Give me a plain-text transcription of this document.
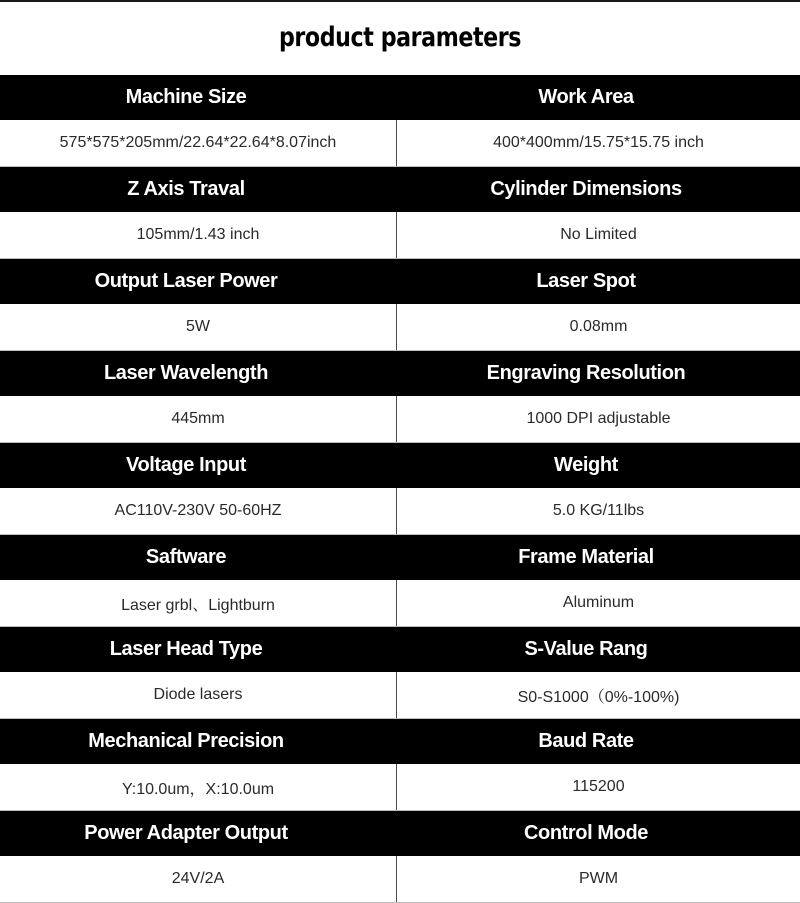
product parameters
Machine Size	Work Area
575*575*205mm/22.64*22.64*8.07inch	400*400mm/15.75*15.75 inch
Z Axis Traval	Cylinder Dimensions
105mm/1.43 inch	No Limited
Output Laser Power	Laser Spot
5W	0.08mm
Laser Wavelength	Engraving Resolution
445mm	1000 DPI adjustable
Voltage Input	Weight
AC110V-230V 50-60HZ	5.0 KG/11lbs
Saftware	Frame Material
Laser grbl、Lightburn	Aluminum
Laser Head Type	S-Value Rang
Diode lasers	S0-S1000（0%-100%)
Mechanical Precision	Baud Rate
Y:10.0um，X:10.0um	115200
Power Adapter Output	Control Mode
24V/2A	PWM
